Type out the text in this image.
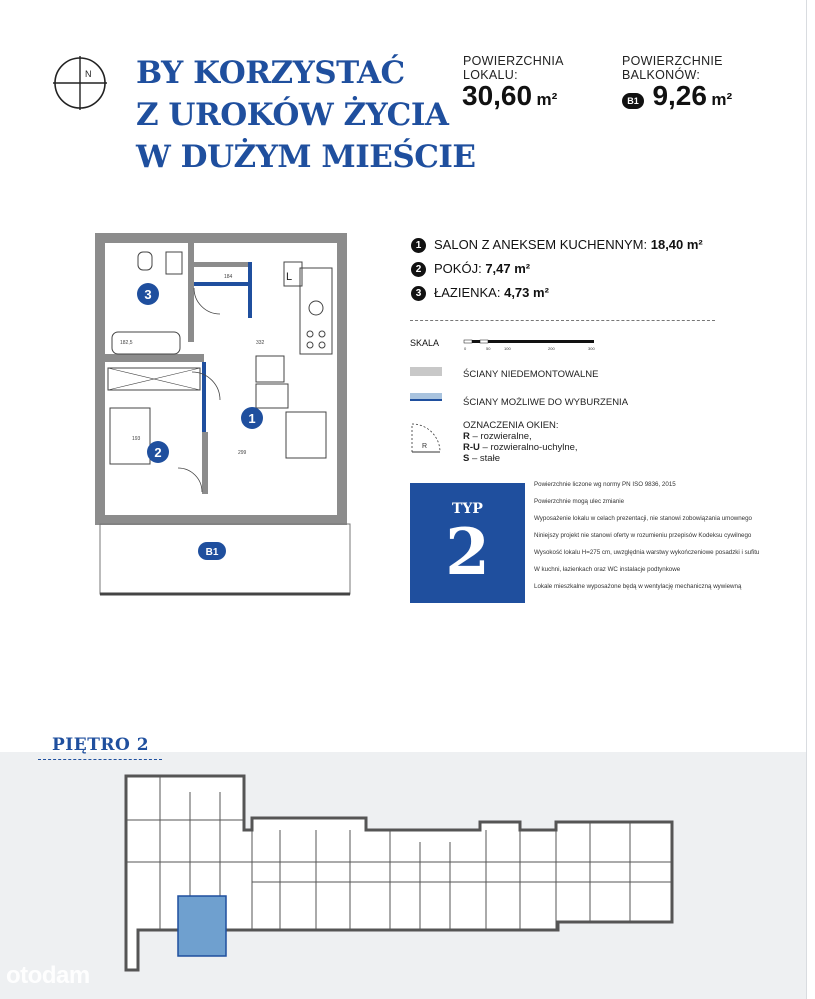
BY KORZYSTAĆ
Z UROKÓW ŻYCIA
W DUŻYM MIEŚCIE
N
POWIERZCHNIA
LOKALU:
30,60 m²
POWIERZCHNIE
BALKONÓW:
B1 9,26 m²
1 SALON Z ANEKSEM KUCHENNYM: 18,40 m²
2 POKÓJ: 7,47 m²
3 ŁAZIENKA: 4,73 m²
SKALA
0	50	100	200	300
ŚCIANY NIEDEMONTOWALNE
ŚCIANY MOŻLIWE DO WYBURZENIA
R
OZNACZENIA OKIEN:
R – rozwieralne,
R-U – rozwieralno-uchylne,
S – stałe
TYP
2

Powierzchnie liczone wg normy PN ISO 9836, 2015

Powierzchnie mogą ulec zmianie

Wyposażenie lokalu w celach prezentacji, nie stanowi zobowiązania umownego

Niniejszy projekt nie stanowi oferty w rozumieniu przepisów Kodeksu cywilnego

Wysokość lokalu H=275 cm, uwzględnia warstwy wykończeniowe posadzki i sufitu

W kuchni, łazienkach oraz WC instalacje podtynkowe

Lokale mieszkalne wyposażone będą w wentylację mechaniczną wywiewną

L
184
332
299
182,5
193
3
1
2
B1
PIĘTRO 2
otodam
